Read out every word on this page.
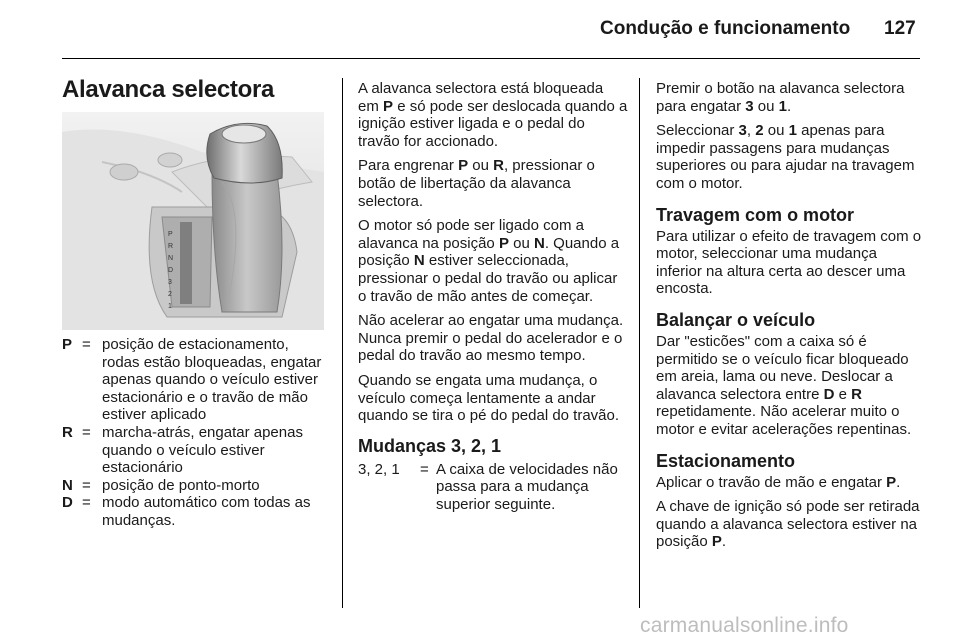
Condução e funcionamento 127
Alavanca selectora
P
R
N
D
3
2
1
P = posição de estacionamento, rodas estão bloqueadas, engatar apenas quando o veículo estiver estacionário e o travão de mão estiver aplicado
R = marcha-atrás, engatar apenas quando o veículo estiver estacionário
N = posição de ponto-morto
D = modo automático com todas as mudanças.

A alavanca selectora está bloqueada em P e só pode ser deslocada quando a ignição estiver ligada e o pedal do travão for accionado.

Para engrenar P ou R, pressionar o botão de libertação da alavanca selectora.

O motor só pode ser ligado com a alavanca na posição P ou N. Quando a posição N estiver seleccionada, pressionar o pedal do travão ou aplicar o travão de mão antes de começar.

Não acelerar ao engatar uma mudança. Nunca premir o pedal do acelerador e o pedal do travão ao mesmo tempo.

Quando se engata uma mudança, o veículo começa lentamente a andar quando se tira o pé do pedal do travão.

Mudanças 3, 2, 1
3, 2, 1	= A caixa de velocidades não passa para a mudança superior seguinte.

Premir o botão na alavanca selectora para engatar 3 ou 1.

Seleccionar 3, 2 ou 1 apenas para impedir passagens para mudanças superiores ou para ajudar na travagem com o motor.

Travagem com o motor

Para utilizar o efeito de travagem com o motor, seleccionar uma mudança inferior na altura certa ao descer uma encosta.

Balançar o veículo

Dar "esticões" com a caixa só é permitido se o veículo ficar bloqueado em areia, lama ou neve. Deslocar a alavanca selectora entre D e R repetidamente. Não acelerar muito o motor e evitar acelerações repentinas.

Estacionamento

Aplicar o travão de mão e engatar P.

A chave de ignição só pode ser retirada quando a alavanca selectora estiver na posição P.

carmanualsonline.info
